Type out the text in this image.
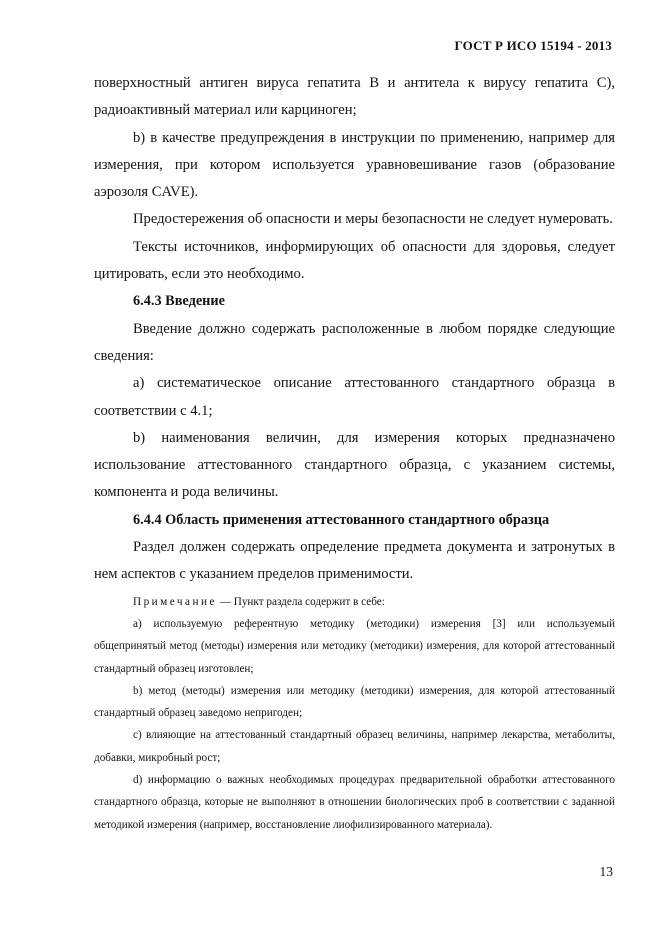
ГОСТ Р ИСО 15194 - 2013

поверхностный антиген вируса гепатита В и антитела к вирусу гепатита С), радиоактивный материал или карциноген;

b) в качестве предупреждения в инструкции по применению, например для измерения, при котором используется уравновешивание газов (образование аэрозоля CAVE).

Предостережения об опасности и меры безопасности не следует нумеровать.

Тексты источников, информирующих об опасности для здоровья, следует цитировать, если это необходимо.

6.4.3 Введение

Введение должно содержать расположенные в любом порядке следующие сведения:

а) систематическое описание аттестованного стандартного образца в соответствии с 4.1;

b) наименования величин, для измерения которых предназначено использование аттестованного стандартного образца, с указанием системы, компонента и рода величины.

6.4.4 Область применения аттестованного стандартного образца

Раздел должен содержать определение предмета документа и затронутых в нем аспектов с указанием пределов применимости.

Примечание — Пункт раздела содержит в себе:

а) используемую референтную методику (методики) измерения [3] или используемый общепринятый метод (методы) измерения или методику (методики) измерения, для которой аттестованный стандартный образец изготовлен;

b) метод (методы) измерения или методику (методики) измерения, для которой аттестованный стандартный образец заведомо непригоден;

с) влияющие на аттестованный стандартный образец величины, например лекарства, метаболиты, добавки, микробный рост;

d) информацию о важных необходимых процедурах предварительной обработки аттестованного стандартного образца, которые не выполняют в отношении биологических проб в соответствии с заданной методикой измерения (например, восстановление лиофилизированного материала).

13
